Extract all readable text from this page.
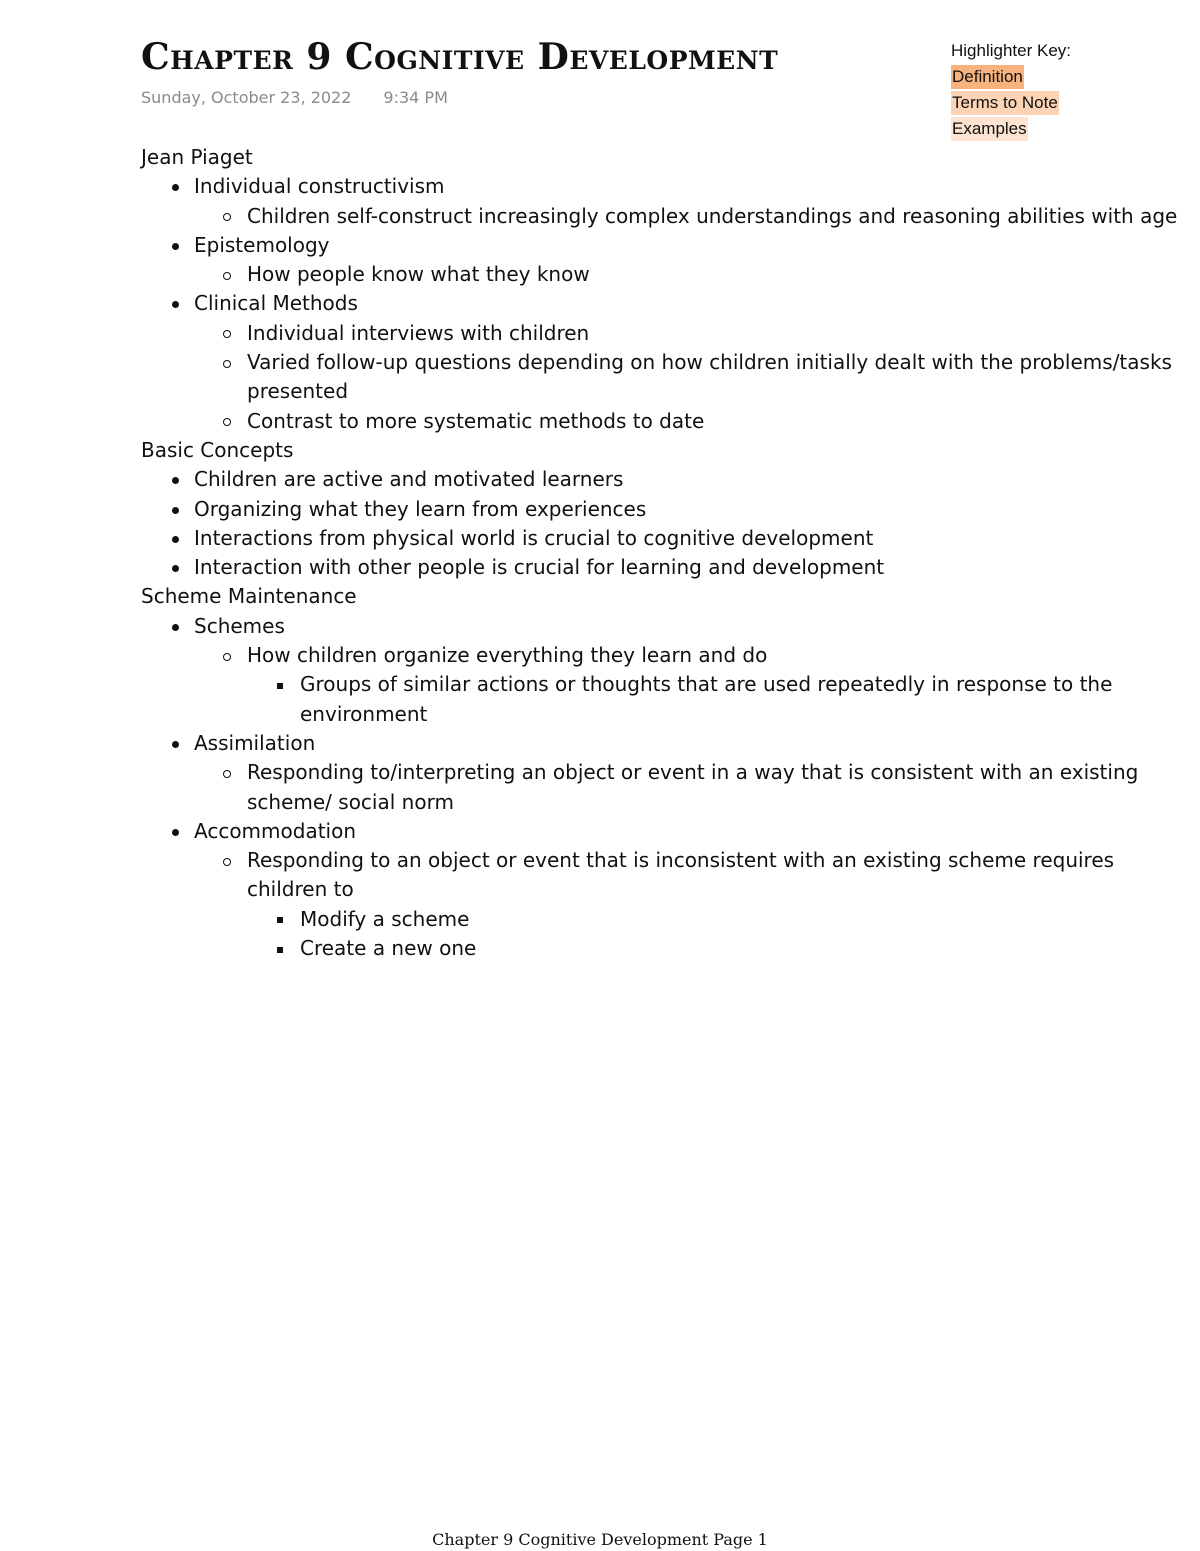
Chapter 9 Cognitive Development
Sunday, October 23, 2022 9:34 PM
Highlighter Key:
Definition
Terms to Note
Examples
Jean Piaget
Individual constructivism
Children self-construct increasingly complex understandings and reasoning abilities with age
Epistemology
How people know what they know
Clinical Methods
Individual interviews with children
Varied follow-up questions depending on how children initially dealt with the problems/tasks presented
Contrast to more systematic methods to date
Basic Concepts
Children are active and motivated learners
Organizing what they learn from experiences
Interactions from physical world is crucial to cognitive development
Interaction with other people is crucial for learning and development
Scheme Maintenance
Schemes
How children organize everything they learn and do
Groups of similar actions or thoughts that are used repeatedly in response to the environment
Assimilation
Responding to/interpreting an object or event in a way that is consistent with an existing scheme/ social norm
Accommodation
Responding to an object or event that is inconsistent with an existing scheme requires children to
Modify a scheme
Create a new one
Chapter 9 Cognitive Development Page 1
